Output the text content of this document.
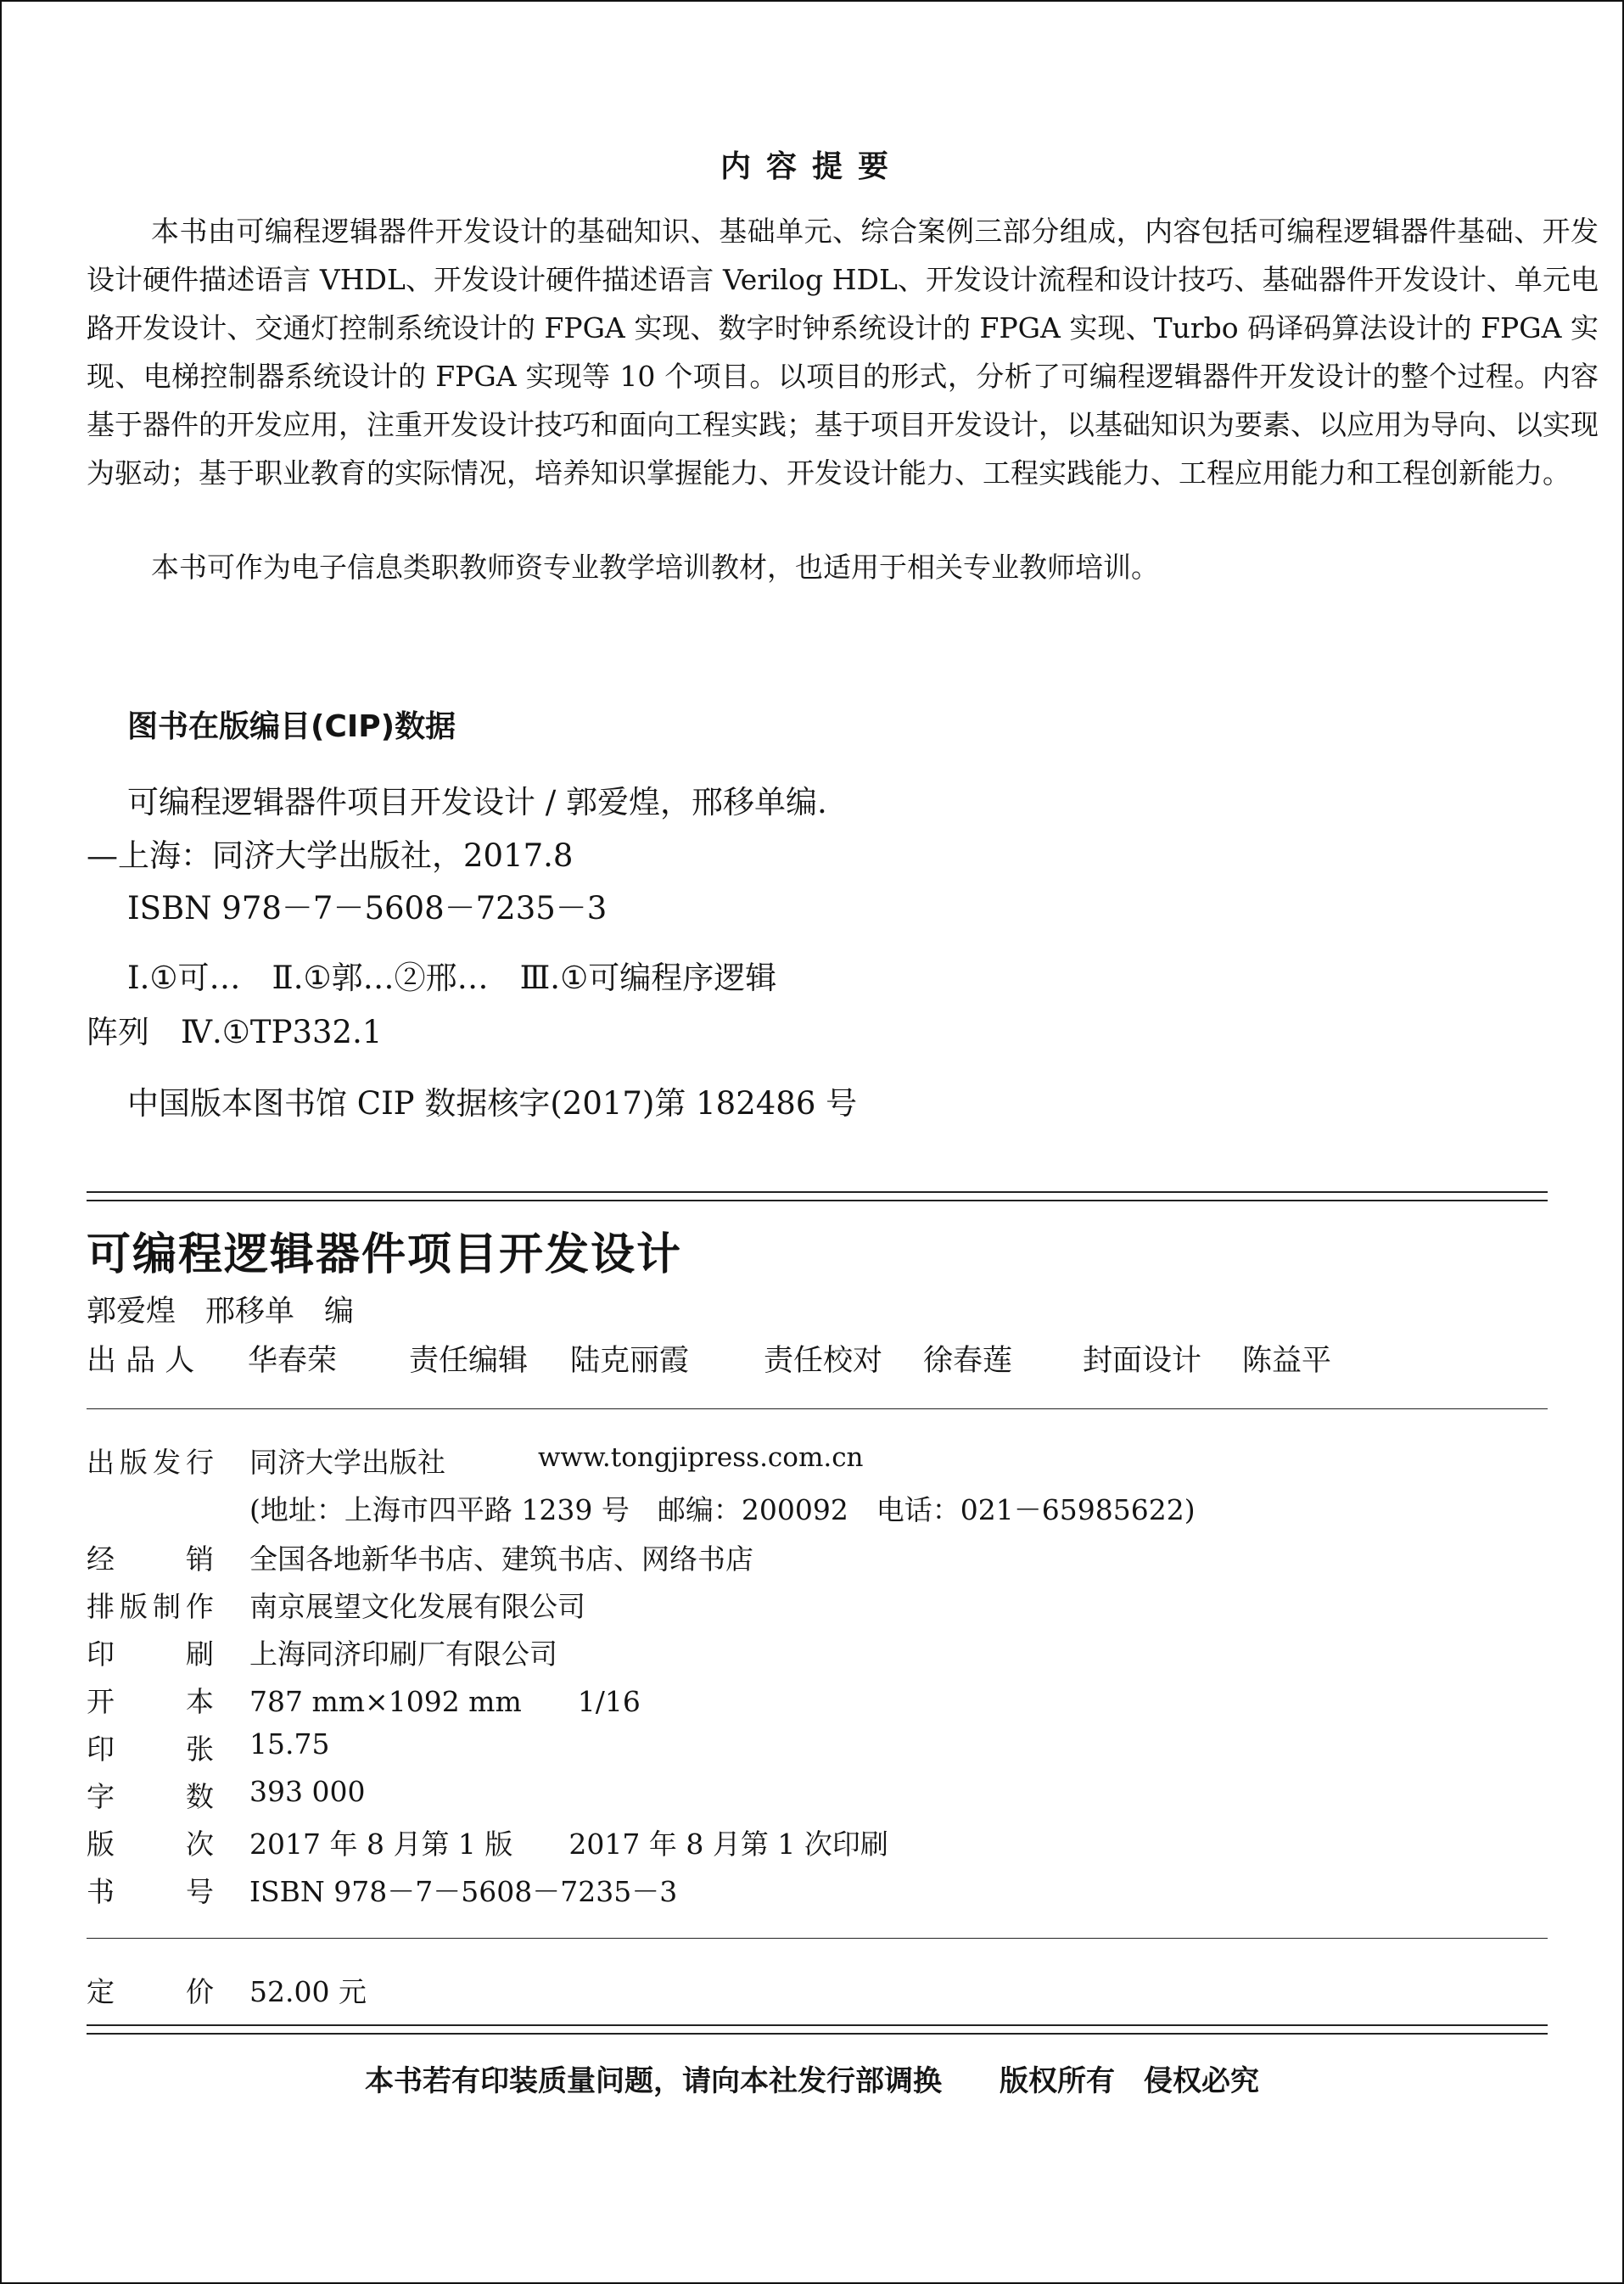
内容提要
本书由可编程逻辑器件开发设计的基础知识、基础单元、综合案例三部分组成，内容包括可编程逻辑器件基础、开发设计硬件描述语言 VHDL、开发设计硬件描述语言 Verilog HDL、开发设计流程和设计技巧、基础器件开发设计、单元电路开发设计、交通灯控制系统设计的 FPGA 实现、数字时钟系统设计的 FPGA 实现、Turbo 码译码算法设计的 FPGA 实现、电梯控制器系统设计的 FPGA 实现等 10 个项目。以项目的形式，分析了可编程逻辑器件开发设计的整个过程。内容基于器件的开发应用，注重开发设计技巧和面向工程实践；基于项目开发设计，以基础知识为要素、以应用为导向、以实现为驱动；基于职业教育的实际情况，培养知识掌握能力、开发设计能力、工程实践能力、工程应用能力和工程创新能力。
本书可作为电子信息类职教师资专业教学培训教材，也适用于相关专业教师培训。
图书在版编目(CIP)数据
可编程逻辑器件项目开发设计 / 郭爱煌，邢移单编.
—上海：同济大学出版社，2017.8
ISBN 978－7－5608－7235－3
Ⅰ.①可…　Ⅱ.①郭…②邢…　Ⅲ.①可编程序逻辑
阵列　Ⅳ.①TP332.1
中国版本图书馆 CIP 数据核字(2017)第 182486 号
可编程逻辑器件项目开发设计
郭爱煌　邢移单　编
出 品 人 华春荣 责任编辑 陆克丽霞	责任校对 徐春莲 封面设计 陈益平
出版发行 同济大学出版社	www.tongjipress.com.cn
(地址：上海市四平路 1239 号　邮编：200092　电话：021－65985622)
经销 全国各地新华书店、建筑书店、网络书店
排版制作 南京展望文化发展有限公司
印刷 上海同济印刷厂有限公司
开本 787 mm×1092 mm　　1/16
印张 15.75
字数 393 000
版次 2017 年 8 月第 1 版　　2017 年 8 月第 1 次印刷
书号 ISBN 978－7－5608－7235－3
定价 52.00 元
本书若有印装质量问题，请向本社发行部调换　　版权所有　侵权必究
